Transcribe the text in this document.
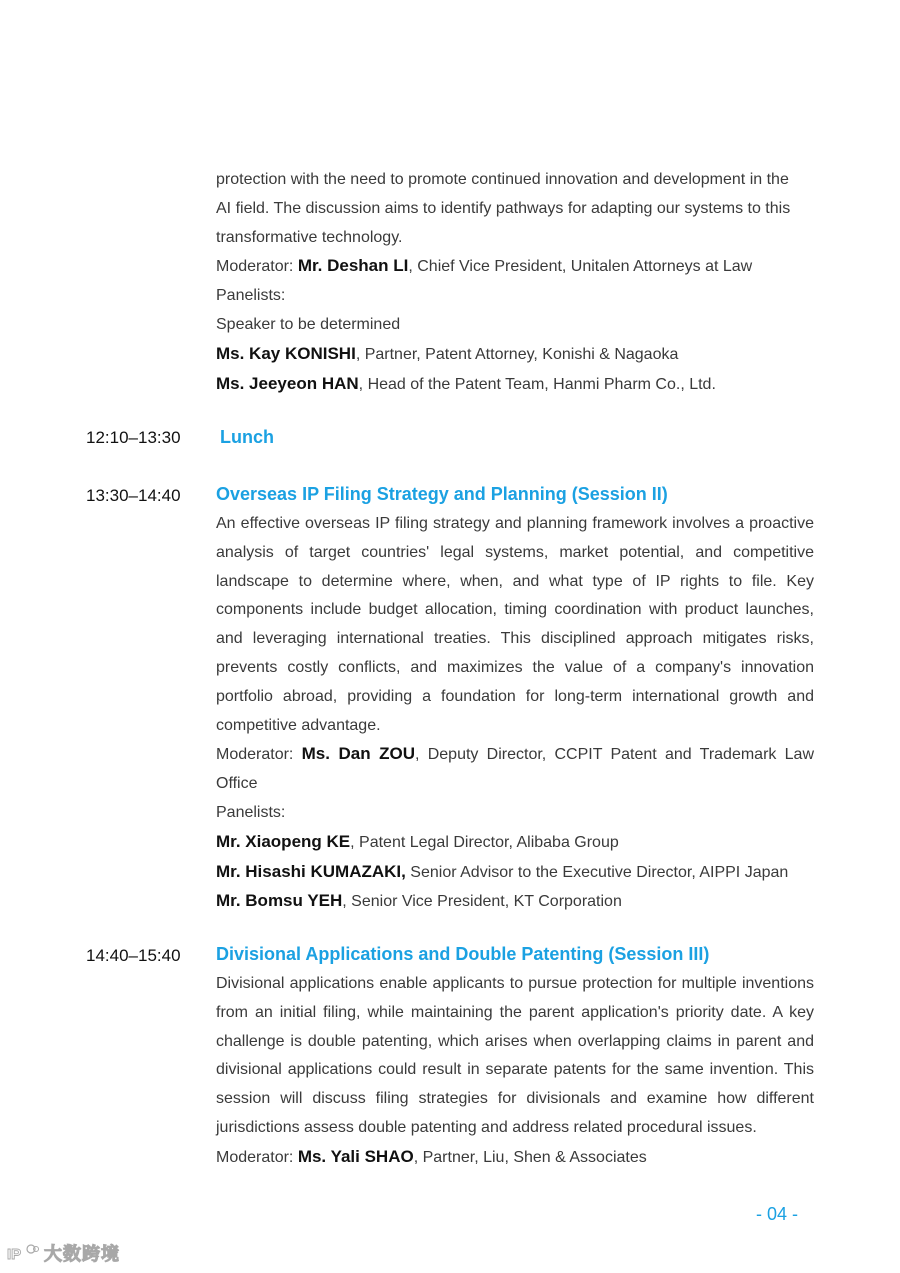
protection with the need to promote continued innovation and development in the
AI field. The discussion aims to identify pathways for adapting our systems to this
transformative technology.
Moderator: Mr. Deshan LI, Chief Vice President, Unitalen Attorneys at Law
Panelists:
Speaker to be determined
Ms. Kay KONISHI, Partner, Patent Attorney, Konishi & Nagaoka
Ms. Jeeyeon HAN, Head of the Patent Team, Hanmi Pharm Co., Ltd.
12:10–13:30 Lunch
13:30–14:40 Overseas IP Filing Strategy and Planning (Session II)

An effective overseas IP filing strategy and planning framework involves a proactive analysis of target countries' legal systems, market potential, and competitive landscape to determine where, when, and what type of IP rights to file. Key components include budget allocation, timing coordination with product launches, and leveraging international treaties. This disciplined approach mitigates risks, prevents costly conflicts, and maximizes the value of a company's innovation portfolio abroad, providing a foundation for long-term international growth and competitive advantage.

Moderator: Ms. Dan ZOU, Deputy Director, CCPIT Patent and Trademark Law Office

Panelists:
Mr. Xiaopeng KE, Patent Legal Director, Alibaba Group
Mr. Hisashi KUMAZAKI, Senior Advisor to the Executive Director, AIPPI Japan
Mr. Bomsu YEH, Senior Vice President, KT Corporation
14:40–15:40 Divisional Applications and Double Patenting (Session III)

Divisional applications enable applicants to pursue protection for multiple inventions from an initial filing, while maintaining the parent application's priority date. A key challenge is double patenting, which arises when overlapping claims in parent and divisional applications could result in separate patents for the same invention. This session will discuss filing strategies for divisionals and examine how different jurisdictions assess double patenting and address related procedural issues.

Moderator: Ms. Yali SHAO, Partner, Liu, Shen & Associates
- 04 -
IP 大数跨境
